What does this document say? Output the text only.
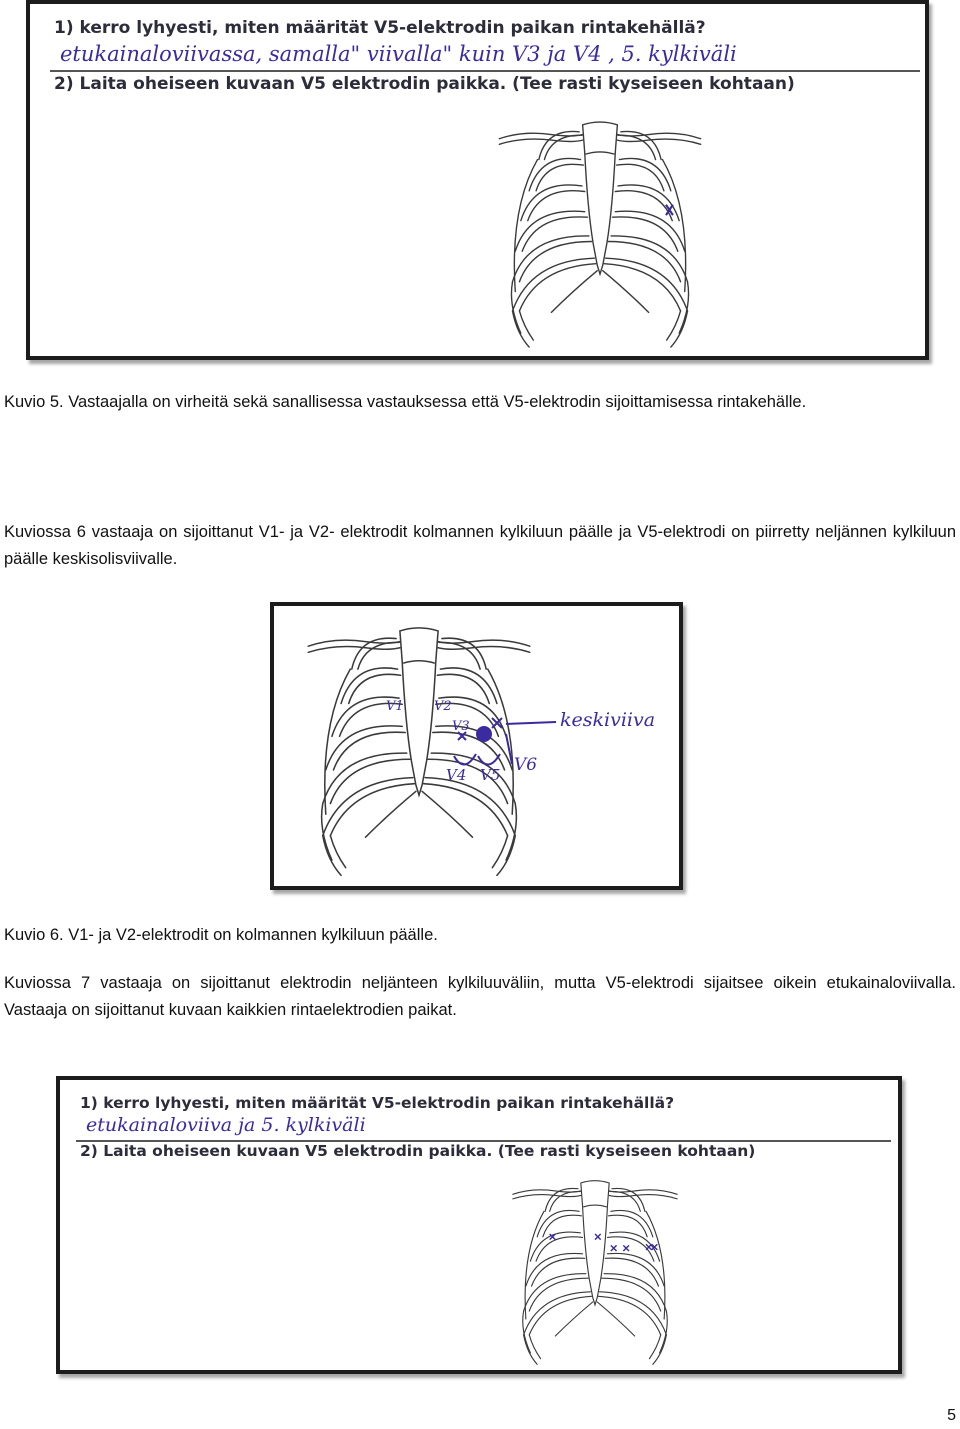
1) kerro lyhyesti, miten määrität V5-elektrodin paikan rintakehällä?
etukainaloviivassa, samalla" viivalla" kuin V3 ja V4 , 5. kylkiväli
2) Laita oheiseen kuvaan V5 elektrodin paikka. (Tee rasti kyseiseen kohtaan)
Kuvio 5. Vastaajalla on virheitä sekä sanallisessa vastauksessa että V5-elektrodin sijoittamisessa rintakehälle.
Kuviossa 6 vastaaja on sijoittanut V1- ja V2- elektrodit kolmannen kylkiluun päälle ja V5-elektrodi on piirretty neljännen kylkiluun päälle keskisolisviivalle.
V1 V2
V3
V4 V5 V6
keskiviiva
Kuvio 6. V1- ja V2-elektrodit on kolmannen kylkiluun päälle.
Kuviossa 7 vastaaja on sijoittanut elektrodin neljänteen kylkiluuväliin, mutta V5-elektrodi sijaitsee oikein etukainaloviivalla. Vastaaja on sijoittanut kuvaan kaikkien rintaelektrodien paikat.
1) kerro lyhyesti, miten määrität V5-elektrodin paikan rintakehällä?
etukainaloviiva ja 5. kylkiväli
2) Laita oheiseen kuvaan V5 elektrodin paikka. (Tee rasti kyseiseen kohtaan)
5
